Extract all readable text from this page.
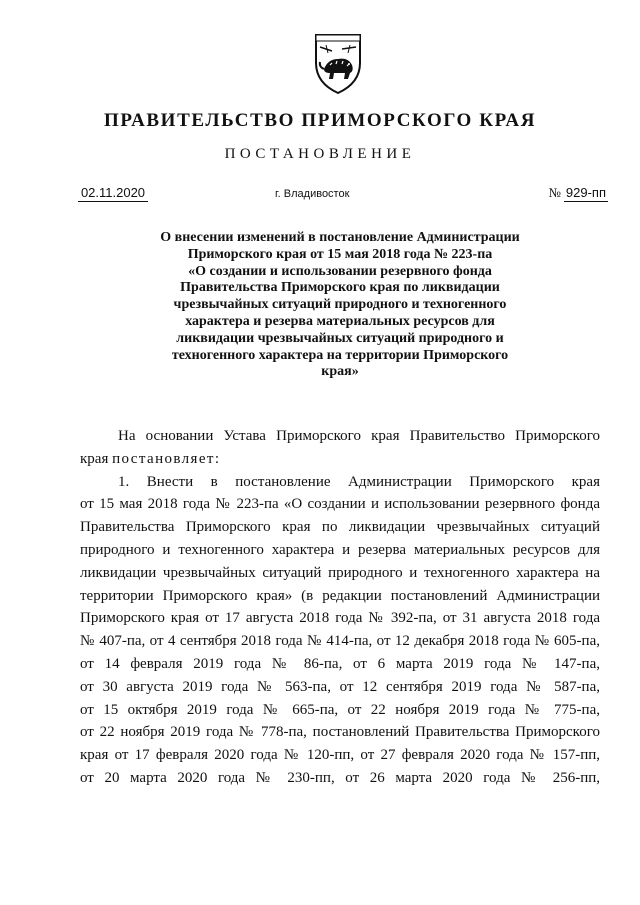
ПРАВИТЕЛЬСТВО ПРИМОРСКОГО КРАЯ
ПОСТАНОВЛЕНИЕ
02.11.2020	г. Владивосток	№ 929-пп
О внесении изменений в постановление Администрации
Приморского края от 15 мая 2018 года № 223-па
«О создании и использовании резервного фонда
Правительства Приморского края по ликвидации
чрезвычайных ситуаций природного и техногенного
характера и резерва материальных ресурсов для
ликвидации чрезвычайных ситуаций природного и
техногенного характера на территории Приморского
края»
На основании Устава Приморского края Правительство Приморского
края постановляет:
1. Внести в постановление Администрации Приморского края
от 15 мая 2018 года № 223-па «О создании и использовании резервного фонда
Правительства Приморского края по ликвидации чрезвычайных ситуаций
природного и техногенного характера и резерва материальных ресурсов для
ликвидации чрезвычайных ситуаций природного и техногенного характера на
территории Приморского края» (в редакции постановлений Администрации
Приморского края от 17 августа 2018 года № 392-па, от 31 августа 2018 года
№ 407-па, от 4 сентября 2018 года № 414-па, от 12 декабря 2018 года № 605-па,
от 14 февраля 2019 года № 86-па, от 6 марта 2019 года № 147-па,
от 30 августа 2019 года № 563-па, от 12 сентября 2019 года № 587-па,
от 15 октября 2019 года № 665-па, от 22 ноября 2019 года № 775-па,
от 22 ноября 2019 года № 778-па, постановлений Правительства Приморского
края от 17 февраля 2020 года № 120-пп, от 27 февраля 2020 года № 157-пп,
от 20 марта 2020 года № 230-пп, от 26 марта 2020 года № 256-пп,
